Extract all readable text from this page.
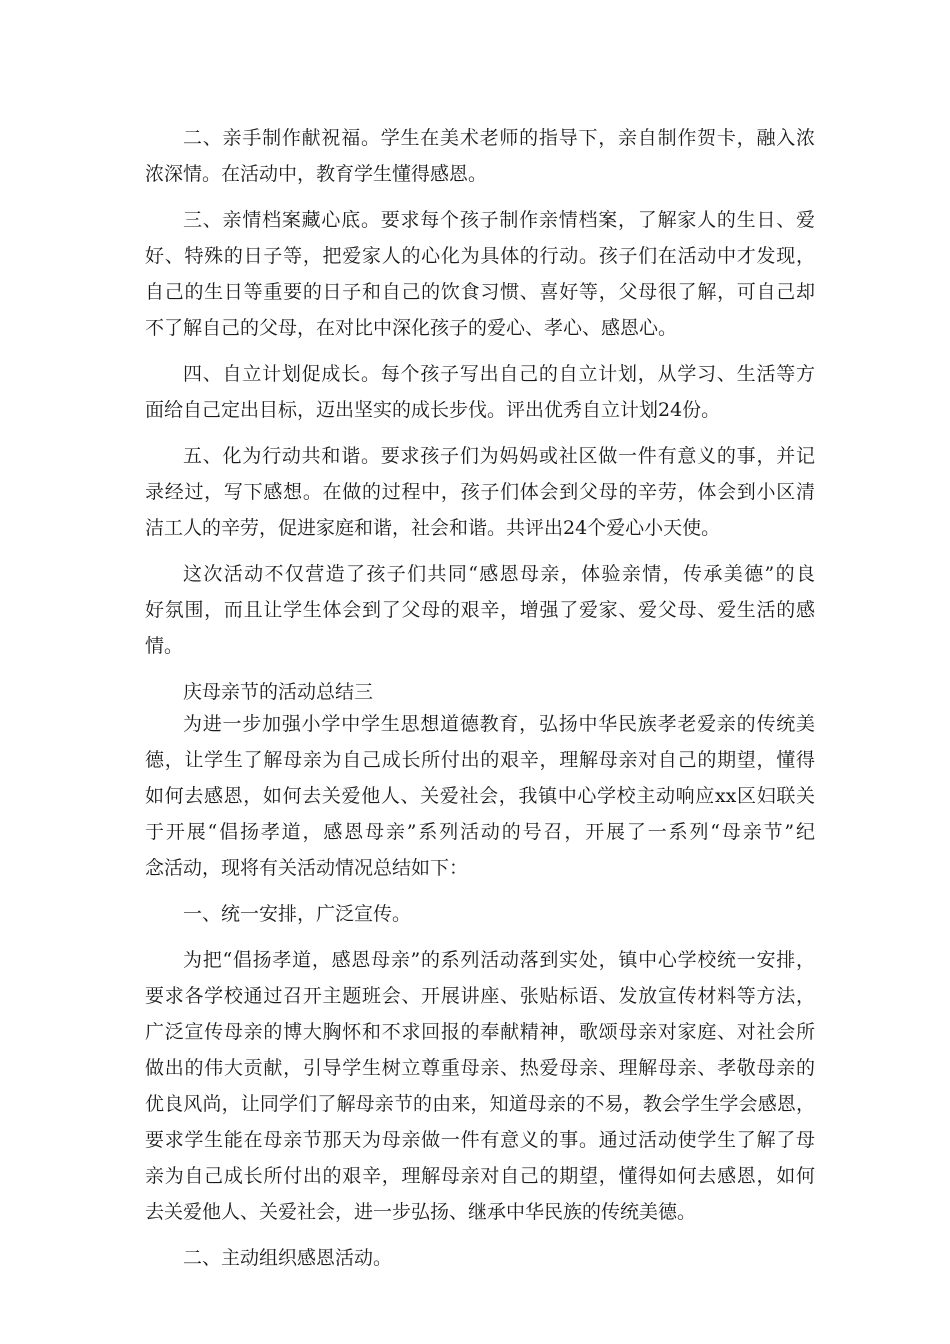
二、亲手制作献祝福。学生在美术老师的指导下，亲自制作贺卡，融入浓
浓深情。在活动中，教育学生懂得感恩。
三、亲情档案藏心底。要求每个孩子制作亲情档案，了解家人的生日、爱
好、特殊的日子等，把爱家人的心化为具体的行动。孩子们在活动中才发现，
自己的生日等重要的日子和自己的饮食习惯、喜好等，父母很了解，可自己却
不了解自己的父母，在对比中深化孩子的爱心、孝心、感恩心。
四、自立计划促成长。每个孩子写出自己的自立计划，从学习、生活等方
面给自己定出目标，迈出坚实的成长步伐。评出优秀自立计划24份。
五、化为行动共和谐。要求孩子们为妈妈或社区做一件有意义的事，并记
录经过，写下感想。在做的过程中，孩子们体会到父母的辛劳，体会到小区清
洁工人的辛劳，促进家庭和谐，社会和谐。共评出24个爱心小天使。
这次活动不仅营造了孩子们共同“感恩母亲，体验亲情，传承美德”的良
好氛围，而且让学生体会到了父母的艰辛，增强了爱家、爱父母、爱生活的感
情。
庆母亲节的活动总结三
为进一步加强小学中学生思想道德教育，弘扬中华民族孝老爱亲的传统美
德，让学生了解母亲为自己成长所付出的艰辛，理解母亲对自己的期望，懂得
如何去感恩，如何去关爱他人、关爱社会，我镇中心学校主动响应xx区妇联关
于开展“倡扬孝道，感恩母亲”系列活动的号召，开展了一系列“母亲节”纪
念活动，现将有关活动情况总结如下：
一、统一安排，广泛宣传。
为把“倡扬孝道，感恩母亲”的系列活动落到实处，镇中心学校统一安排，
要求各学校通过召开主题班会、开展讲座、张贴标语、发放宣传材料等方法，
广泛宣传母亲的博大胸怀和不求回报的奉献精神，歌颂母亲对家庭、对社会所
做出的伟大贡献，引导学生树立尊重母亲、热爱母亲、理解母亲、孝敬母亲的
优良风尚，让同学们了解母亲节的由来，知道母亲的不易，教会学生学会感恩，
要求学生能在母亲节那天为母亲做一件有意义的事。通过活动使学生了解了母
亲为自己成长所付出的艰辛，理解母亲对自己的期望，懂得如何去感恩，如何
去关爱他人、关爱社会，进一步弘扬、继承中华民族的传统美德。
二、主动组织感恩活动。
